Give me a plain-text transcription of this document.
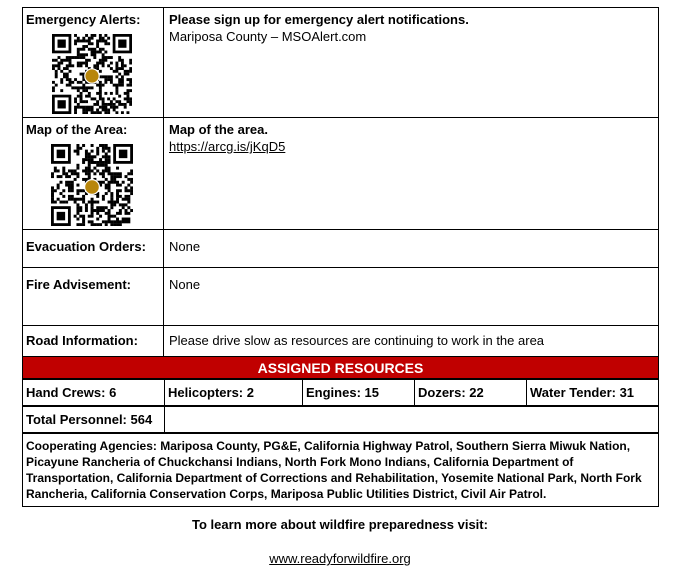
Emergency Alerts:	Please sign up for emergency alert notifications.
Mariposa County – MSOAlert.com

Map of the Area:	Map of the area.
https://arcg.is/jKqD5
Evacuation Orders:	None
Fire Advisement:	None
Road Information:	Please drive slow as resources are continuing to work in the area
ASSIGNED RESOURCES
Hand Crews: 6	Helicopters: 2	Engines: 15	Dozers: 22	Water Tender: 31
Total Personnel: 564	
Cooperating Agencies: Mariposa County, PG&E, California Highway Patrol, Southern Sierra Miwuk Nation, Picayune Rancheria of Chuckchansi Indians, North Fork Mono Indians, California Department of Transportation, California Department of Corrections and Rehabilitation, Yosemite National Park, North Fork Rancheria, California Conservation Corps, Mariposa Public Utilities District, Civil Air Patrol.
To learn more about wildfire preparedness visit:
www.readyforwildfire.org
